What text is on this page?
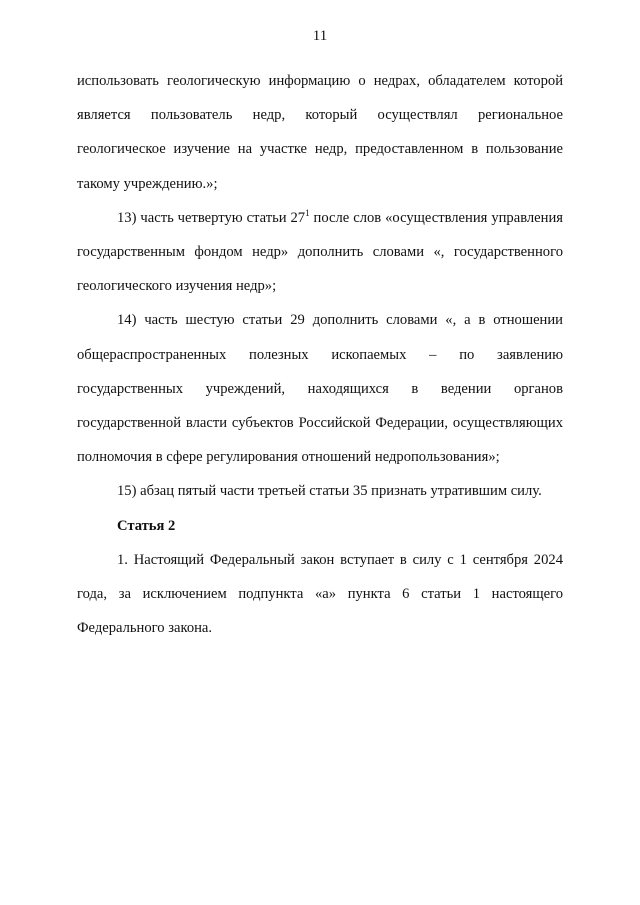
11

использовать геологическую информацию о недрах, обладателем которой является пользователь недр, который осуществлял региональное геологическое изучение на участке недр, предоставленном в пользование такому учреждению.»;

13) часть четвертую статьи $27^1$ после слов «осуществления управления государственным фондом недр» дополнить словами «, государственного геологического изучения недр»;

14) часть шестую статьи 29 дополнить словами «, а в отношении общераспространенных полезных ископаемых – по заявлению государственных учреждений, находящихся в ведении органов государственной власти субъектов Российской Федерации, осуществляющих полномочия в сфере регулирования отношений недропользования»;

15) абзац пятый части третьей статьи 35 признать утратившим силу.

Статья 2

1. Настоящий Федеральный закон вступает в силу с 1 сентября 2024 года, за исключением подпункта «а» пункта 6 статьи 1 настоящего Федерального закона.
